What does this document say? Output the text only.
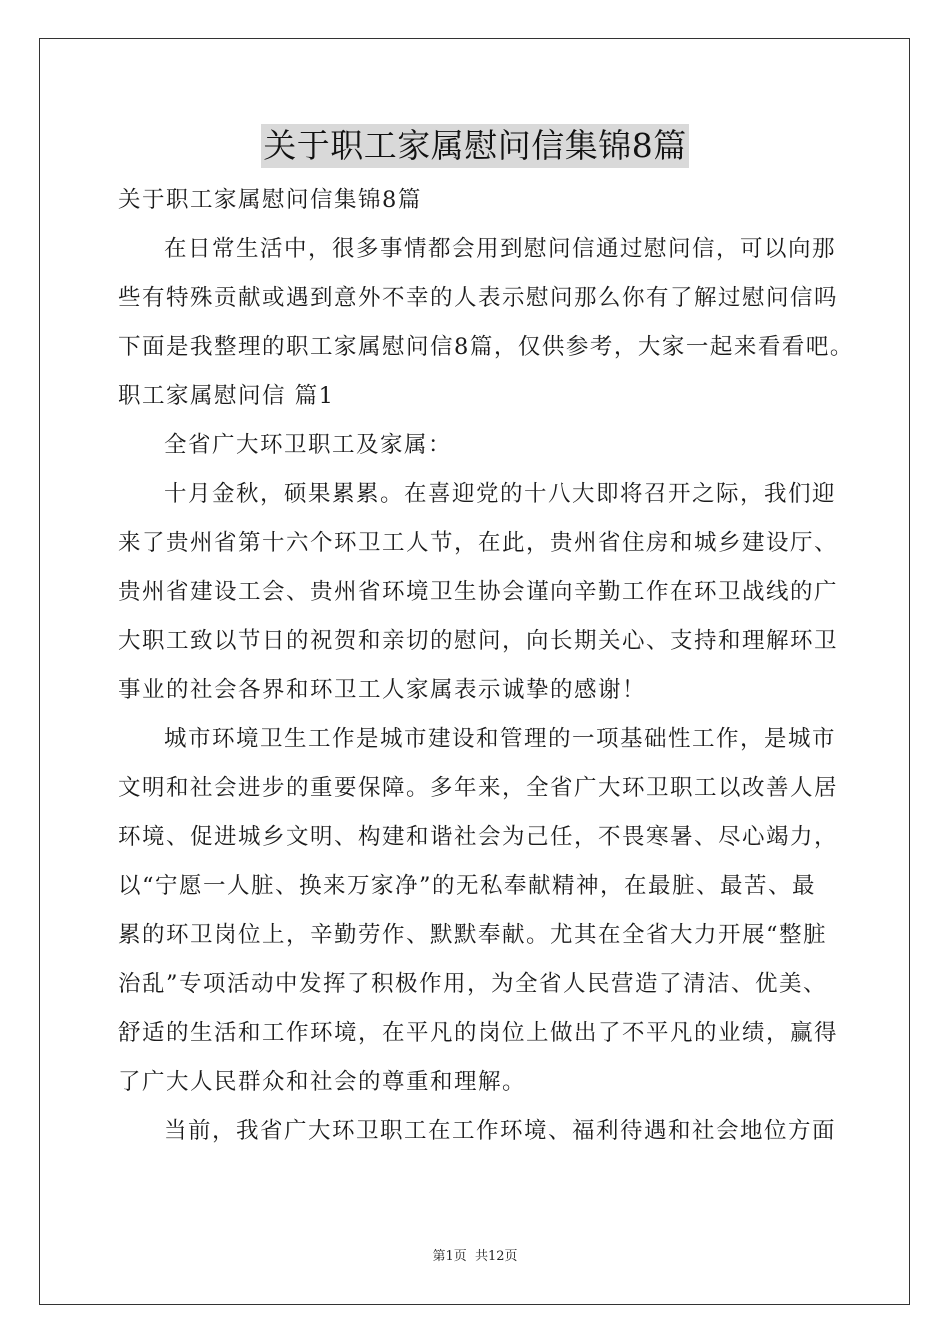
关于职工家属慰问信集锦8篇
关于职工家属慰问信集锦8篇
在日常生活中，很多事情都会用到慰问信通过慰问信，可以向那
些有特殊贡献或遇到意外不幸的人表示慰问那么你有了解过慰问信吗
下面是我整理的职工家属慰问信8篇，仅供参考，大家一起来看看吧。
职工家属慰问信 篇1
全省广大环卫职工及家属：
十月金秋，硕果累累。在喜迎党的十八大即将召开之际，我们迎
来了贵州省第十六个环卫工人节，在此，贵州省住房和城乡建设厅、
贵州省建设工会、贵州省环境卫生协会谨向辛勤工作在环卫战线的广
大职工致以节日的祝贺和亲切的慰问，向长期关心、支持和理解环卫
事业的社会各界和环卫工人家属表示诚挚的感谢！
城市环境卫生工作是城市建设和管理的一项基础性工作，是城市
文明和社会进步的重要保障。多年来，全省广大环卫职工以改善人居
环境、促进城乡文明、构建和谐社会为己任，不畏寒暑、尽心竭力，
以“宁愿一人脏、换来万家净”的无私奉献精神，在最脏、最苦、最
累的环卫岗位上，辛勤劳作、默默奉献。尤其在全省大力开展“整脏
治乱”专项活动中发挥了积极作用，为全省人民营造了清洁、优美、
舒适的生活和工作环境，在平凡的岗位上做出了不平凡的业绩，赢得
了广大人民群众和社会的尊重和理解。
当前，我省广大环卫职工在工作环境、福利待遇和社会地位方面
第1页 共12页
